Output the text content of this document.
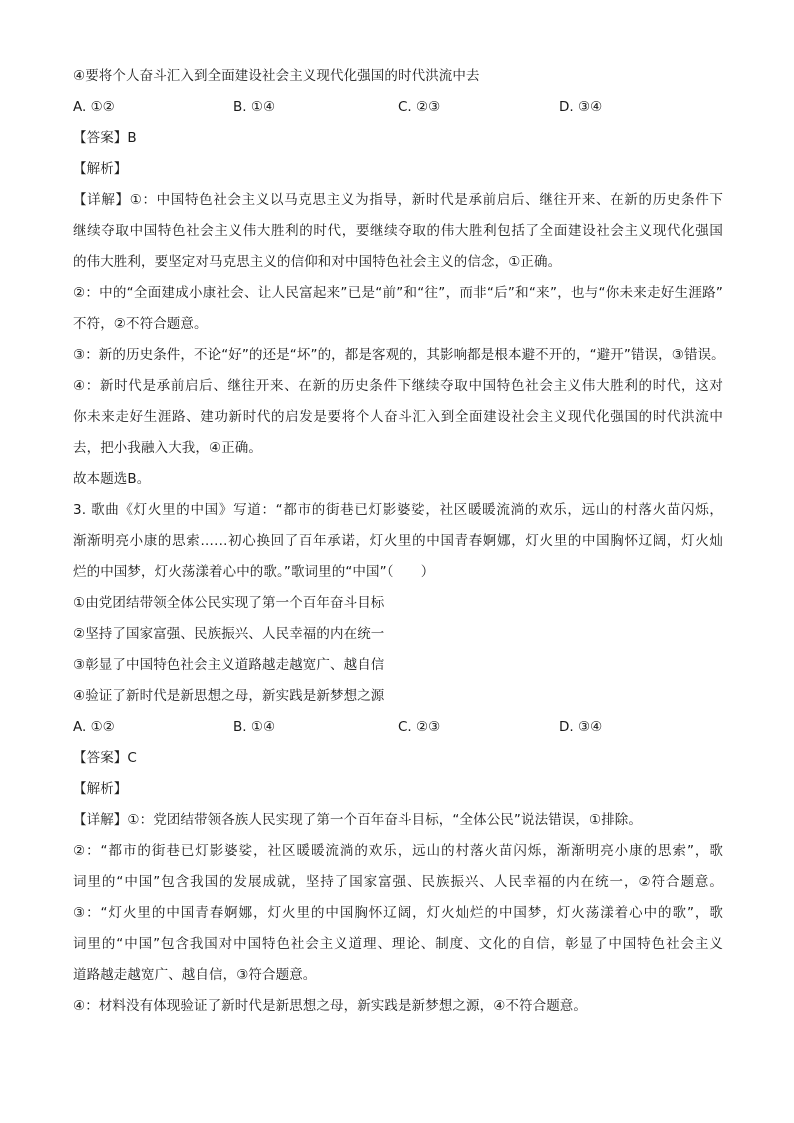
④要将个人奋斗汇入到全面建设社会主义现代化强国的时代洪流中去
A. ①②	B. ①④	C. ②③	D. ③④
【答案】B
【解析】
【详解】①：中国特色社会主义以马克思主义为指导，新时代是承前启后、继往开来、在新的历史条件下
继续夺取中国特色社会主义伟大胜利的时代，要继续夺取的伟大胜利包括了全面建设社会主义现代化强国
的伟大胜利，要坚定对马克思主义的信仰和对中国特色社会主义的信念，①正确。
②：中的“全面建成小康社会、让人民富起来”已是“前”和“往”，而非“后”和“来”，也与“你未来走好生涯路”
不符，②不符合题意。
③：新的历史条件，不论“好”的还是“坏”的，都是客观的，其影响都是根本避不开的，“避开”错误，③错误。
④：新时代是承前启后、继往开来、在新的历史条件下继续夺取中国特色社会主义伟大胜利的时代，这对
你未来走好生涯路、建功新时代的启发是要将个人奋斗汇入到全面建设社会主义现代化强国的时代洪流中
去，把小我融入大我，④正确。
故本题选B。
3. 歌曲《灯火里的中国》写道：“都市的街巷已灯影婆娑，社区暖暖流淌的欢乐，远山的村落火苗闪烁，
渐渐明亮小康的思索……初心换回了百年承诺，灯火里的中国青春婀娜，灯火里的中国胸怀辽阔，灯火灿
烂的中国梦，灯火荡漾着心中的歌。”歌词里的“中国”（　　）
①由党团结带领全体公民实现了第一个百年奋斗目标
②坚持了国家富强、民族振兴、人民幸福的内在统一
③彰显了中国特色社会主义道路越走越宽广、越自信
④验证了新时代是新思想之母，新实践是新梦想之源
A. ①②	B. ①④	C. ②③	D. ③④
【答案】C
【解析】
【详解】①：党团结带领各族人民实现了第一个百年奋斗目标，“全体公民”说法错误，①排除。
②：“都市的街巷已灯影婆娑，社区暖暖流淌的欢乐，远山的村落火苗闪烁，渐渐明亮小康的思索”，歌
词里的“中国”包含我国的发展成就，坚持了国家富强、民族振兴、人民幸福的内在统一，②符合题意。
③：“灯火里的中国青春婀娜，灯火里的中国胸怀辽阔，灯火灿烂的中国梦，灯火荡漾着心中的歌”，歌
词里的“中国”包含我国对中国特色社会主义道理、理论、制度、文化的自信，彰显了中国特色社会主义
道路越走越宽广、越自信，③符合题意。
④：材料没有体现验证了新时代是新思想之母，新实践是新梦想之源，④不符合题意。
